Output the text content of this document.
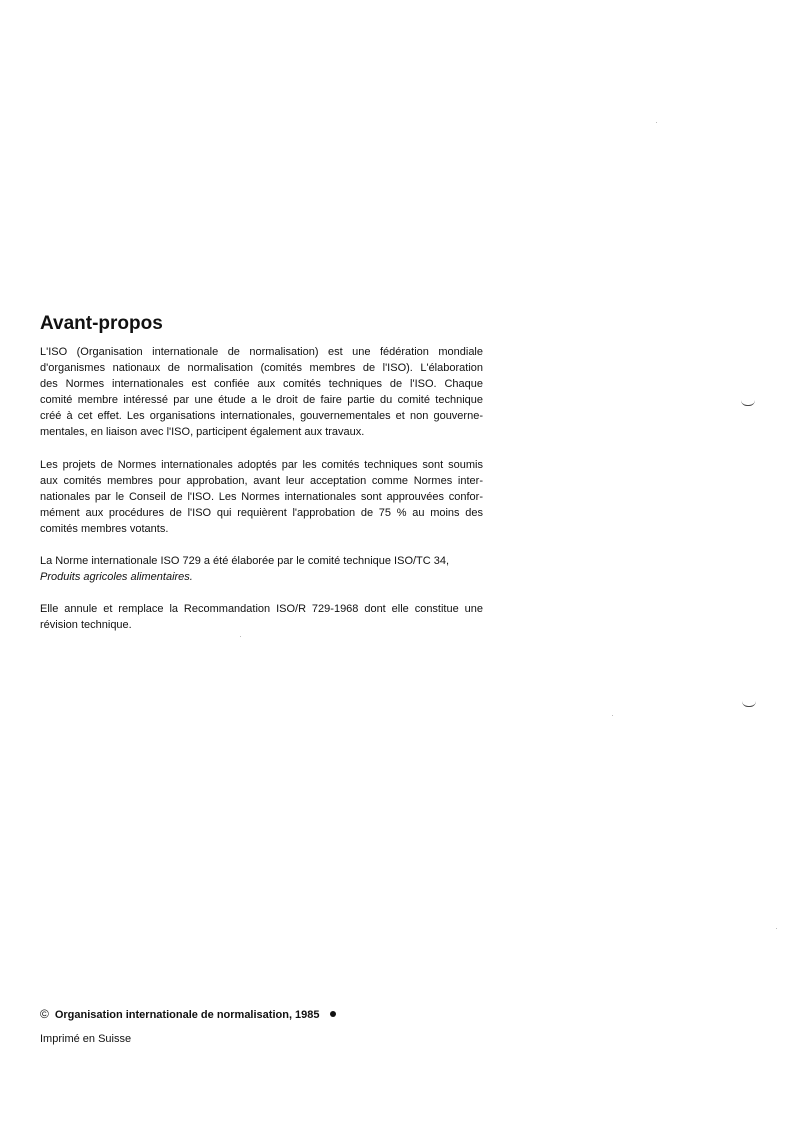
Avant-propos

L'ISO (Organisation internationale de normalisation) est une fédération mondiale
d'organismes nationaux de normalisation (comités membres de l'ISO). L'élaboration
des Normes internationales est confiée aux comités techniques de l'ISO. Chaque
comité membre intéressé par une étude a le droit de faire partie du comité technique
créé à cet effet. Les organisations internationales, gouvernementales et non gouverne-
mentales, en liaison avec l'ISO, participent également aux travaux.

Les projets de Normes internationales adoptés par les comités techniques sont soumis
aux comités membres pour approbation, avant leur acceptation comme Normes inter-
nationales par le Conseil de l'ISO. Les Normes internationales sont approuvées confor-
mément aux procédures de l'ISO qui requièrent l'approbation de 75 % au moins des
comités membres votants.

La Norme internationale ISO 729 a été élaborée par le comité technique ISO/TC 34,
Produits agricoles alimentaires.

Elle annule et remplace la Recommandation ISO/R 729-1968 dont elle constitue une
révision technique.

© Organisation internationale de normalisation, 1985
Imprimé en Suisse
